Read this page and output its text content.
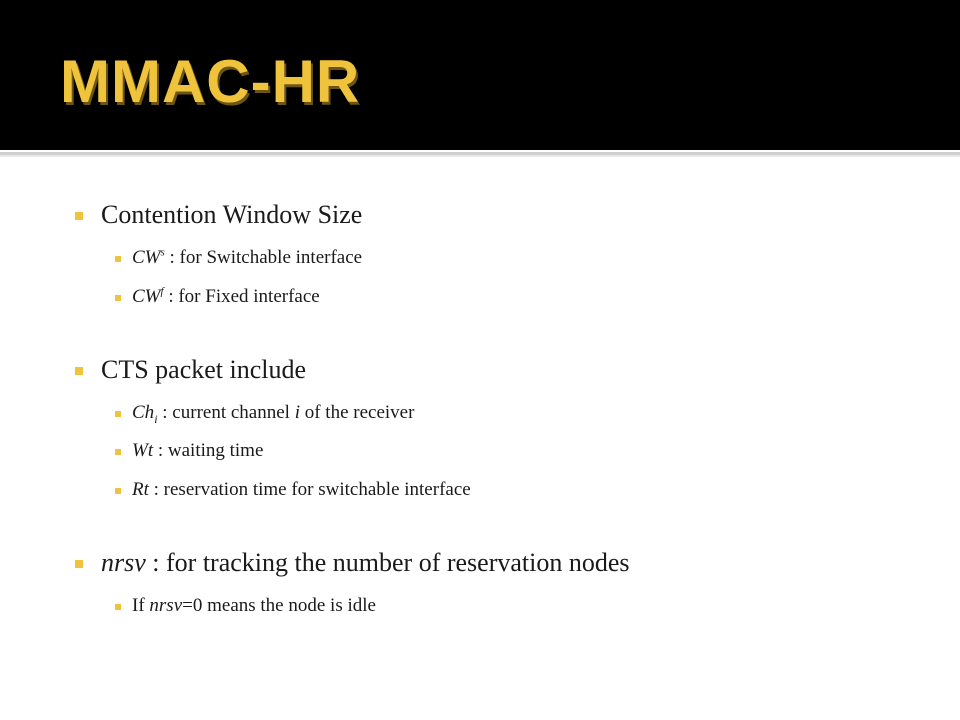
MMAC-HR
Contention Window Size
$CW^s$ : for Switchable interface
$CW^f$ : for Fixed interface
CTS packet include
$Ch_i$ : current channel i of the receiver
Wt : waiting time
Rt : reservation time for switchable interface
nrsv : for tracking the number of reservation nodes
If nrsv=0 means the node is idle
